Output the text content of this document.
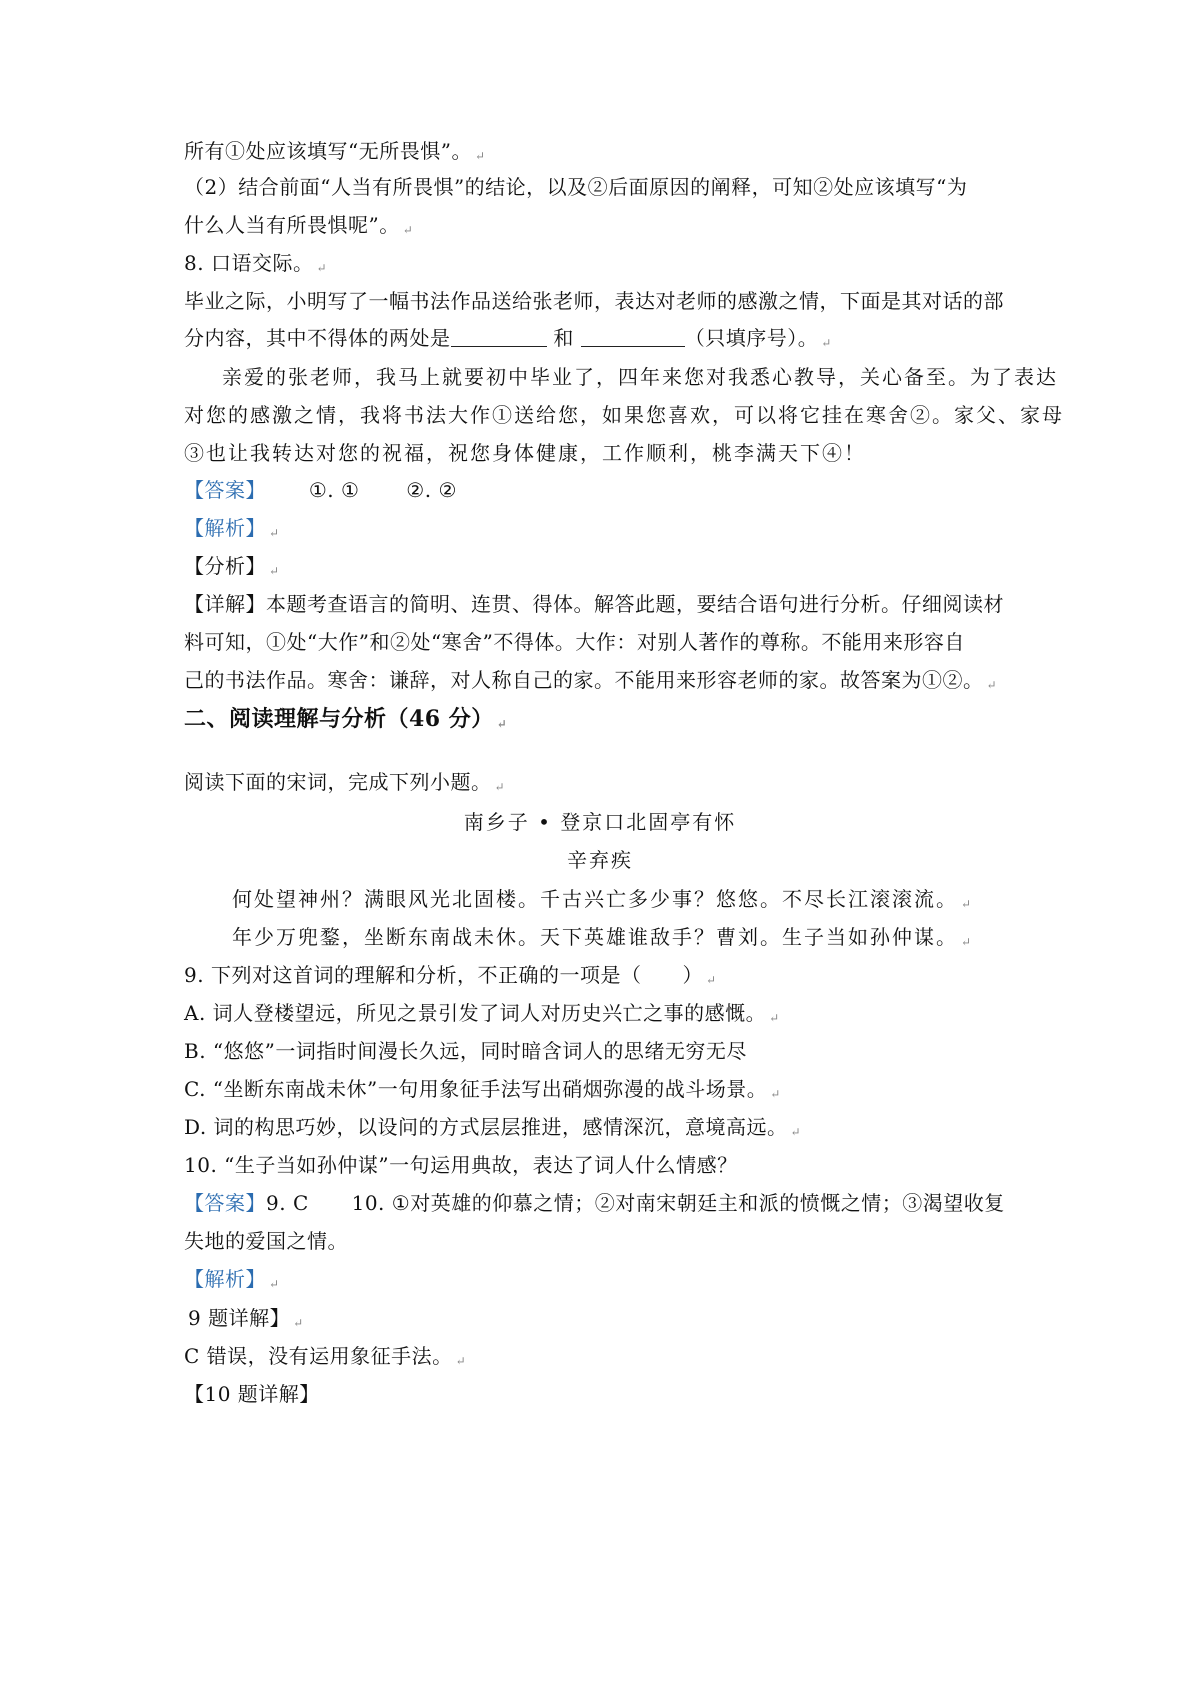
所有①处应该填写“无所畏惧”。 ↵
（2）结合前面“人当有所畏惧”的结论，以及②后面原因的阐释，可知②处应该填写“为
什么人当有所畏惧呢”。 ↵
8. 口语交际。 ↵
毕业之际，小明写了一幅书法作品送给张老师，表达对老师的感激之情，下面是其对话的部
分内容，其中不得体的两处是	和	（只填序号）。 ↵
亲爱的张老师，我马上就要初中毕业了，四年来您对我悉心教导，关心备至。为了表达
对您的感激之情，我将书法大作①送给您，如果您喜欢，可以将它挂在寒舍②。家父、家母
③也让我转达对您的祝福，祝您身体健康，工作顺利，桃李满天下④！
【答案】 ①. ① ②. ②
【解析】 ↵
【分析】 ↵
【详解】本题考查语言的简明、连贯、得体。解答此题，要结合语句进行分析。仔细阅读材
料可知，①处“大作”和②处“寒舍”不得体。大作：对别人著作的尊称。不能用来形容自
己的书法作品。寒舍：谦辞，对人称自己的家。不能用来形容老师的家。故答案为①②。 ↵
二、阅读理解与分析（46 分） ↵
阅读下面的宋词，完成下列小题。 ↵
南乡子 • 登京口北固亭有怀
辛弃疾
何处望神州？满眼风光北固楼。千古兴亡多少事？悠悠。不尽长江滚滚流。 ↵
年少万兜鍪，坐断东南战未休。天下英雄谁敌手？曹刘。生子当如孙仲谋。 ↵
9. 下列对这首词的理解和分析，不正确的一项是（　　） ↵
A. 词人登楼望远，所见之景引发了词人对历史兴亡之事的感慨。 ↵
B. “悠悠”一词指时间漫长久远，同时暗含词人的思绪无穷无尽
C. “坐断东南战未休”一句用象征手法写出硝烟弥漫的战斗场景。 ↵
D. 词的构思巧妙，以设问的方式层层推进，感情深沉，意境高远。 ↵
10. “生子当如孙仲谋”一句运用典故，表达了词人什么情感？
【答案】9. C 10. ①对英雄的仰慕之情；②对南宋朝廷主和派的愤慨之情；③渴望收复
失地的爱国之情。
【解析】 ↵
9 题详解】 ↵
C 错误，没有运用象征手法。 ↵
【10 题详解】
